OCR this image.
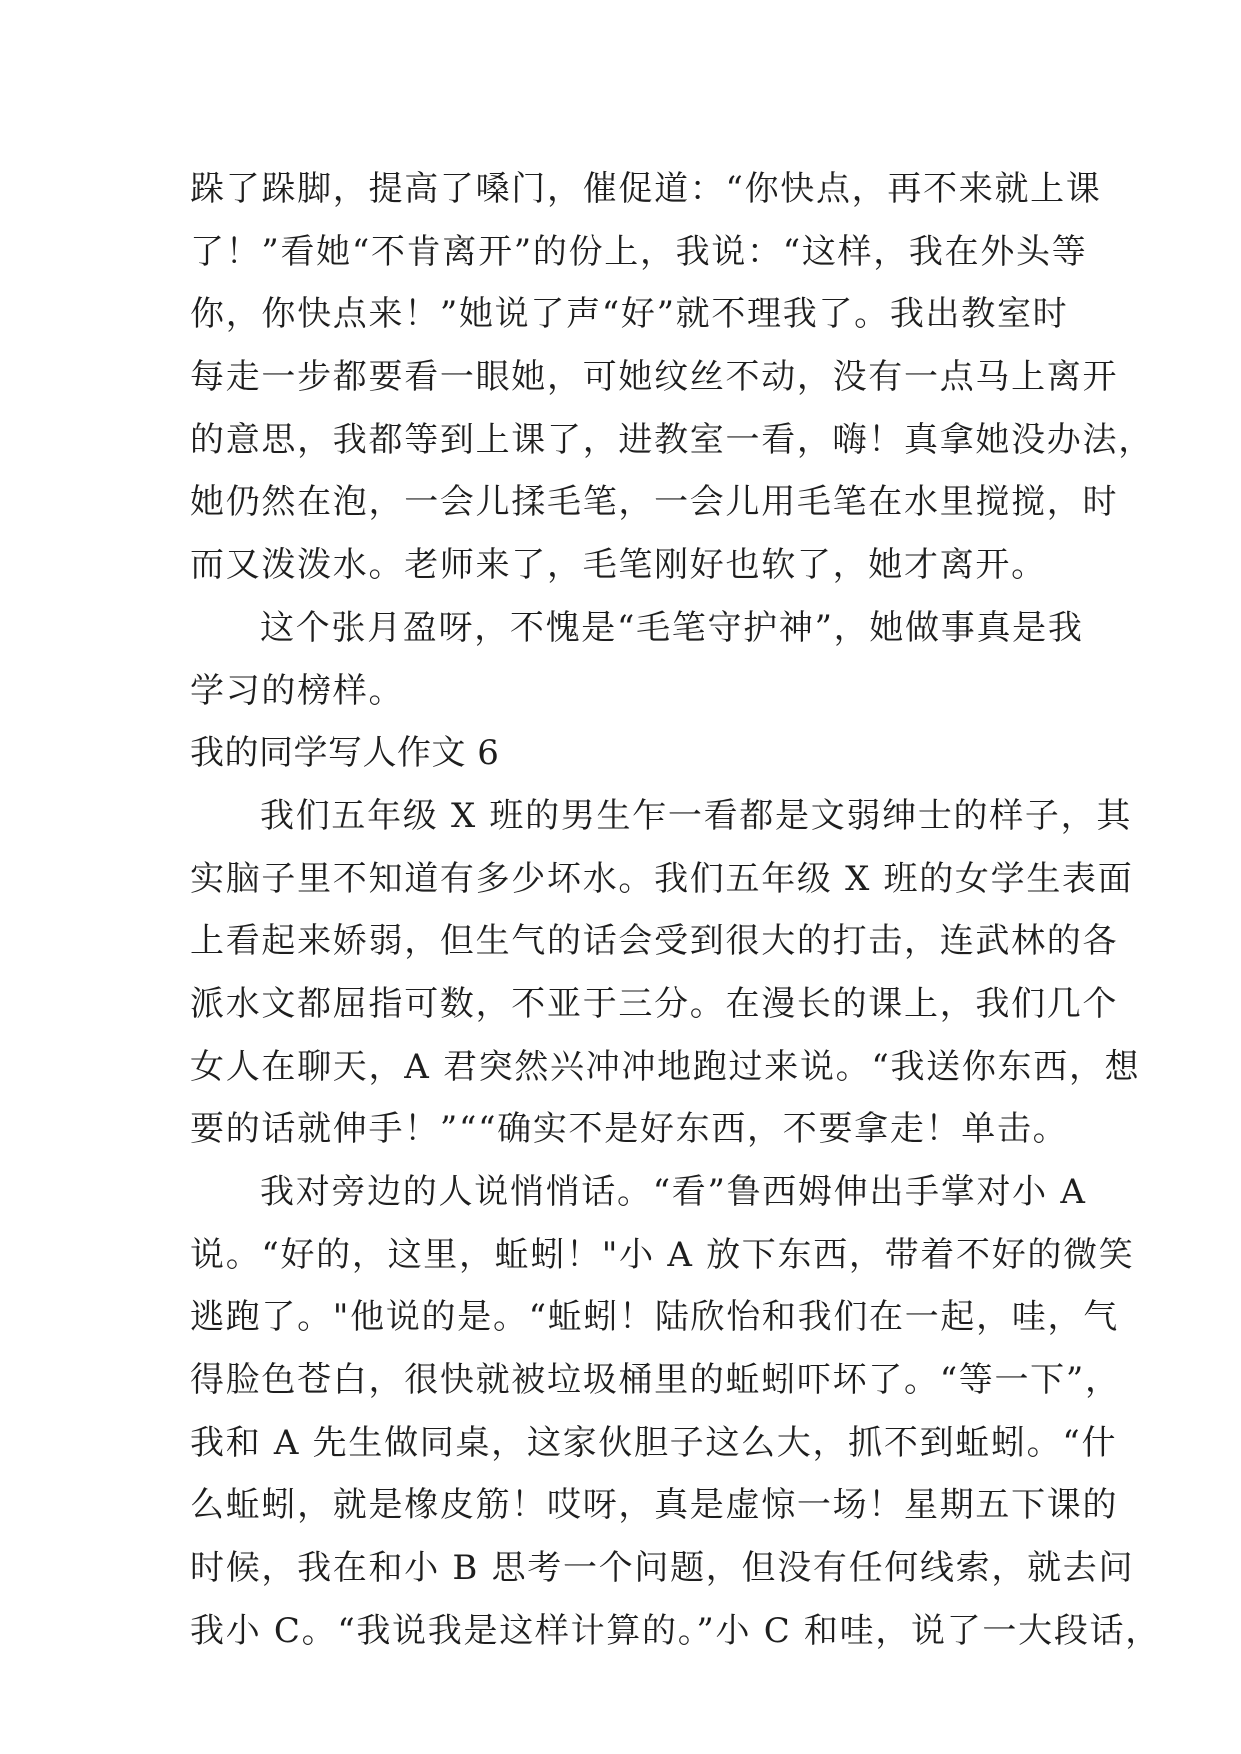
跺了跺脚，提高了嗓门，催促道：“你快点，再不来就上课
了！”看她“不肯离开”的份上，我说：“这样，我在外头等
你，你快点来！”她说了声“好”就不理我了。我出教室时
每走一步都要看一眼她，可她纹丝不动，没有一点马上离开
的意思，我都等到上课了，进教室一看，嗨！真拿她没办法，
她仍然在泡，一会儿揉毛笔，一会儿用毛笔在水里搅搅，时
而又泼泼水。老师来了，毛笔刚好也软了，她才离开。
这个张月盈呀，不愧是“毛笔守护神”，她做事真是我
学习的榜样。
我的同学写人作文 6
我们五年级 X 班的男生乍一看都是文弱绅士的样子，其
实脑子里不知道有多少坏水。我们五年级 X 班的女学生表面
上看起来娇弱，但生气的话会受到很大的打击，连武林的各
派水文都屈指可数，不亚于三分。在漫长的课上，我们几个
女人在聊天，A 君突然兴冲冲地跑过来说。“我送你东西，想
要的话就伸手！”““确实不是好东西，不要拿走！单击。
我对旁边的人说悄悄话。“看”鲁西姆伸出手掌对小 A
说。“好的，这里，蚯蚓！"小 A 放下东西，带着不好的微笑
逃跑了。"他说的是。“蚯蚓！陆欣怡和我们在一起，哇，气
得脸色苍白，很快就被垃圾桶里的蚯蚓吓坏了。“等一下”，
我和 A 先生做同桌，这家伙胆子这么大，抓不到蚯蚓。“什
么蚯蚓，就是橡皮筋！哎呀，真是虚惊一场！星期五下课的
时候，我在和小 B 思考一个问题，但没有任何线索，就去问
我小 C。“我说我是这样计算的。”小 C 和哇，说了一大段话，
